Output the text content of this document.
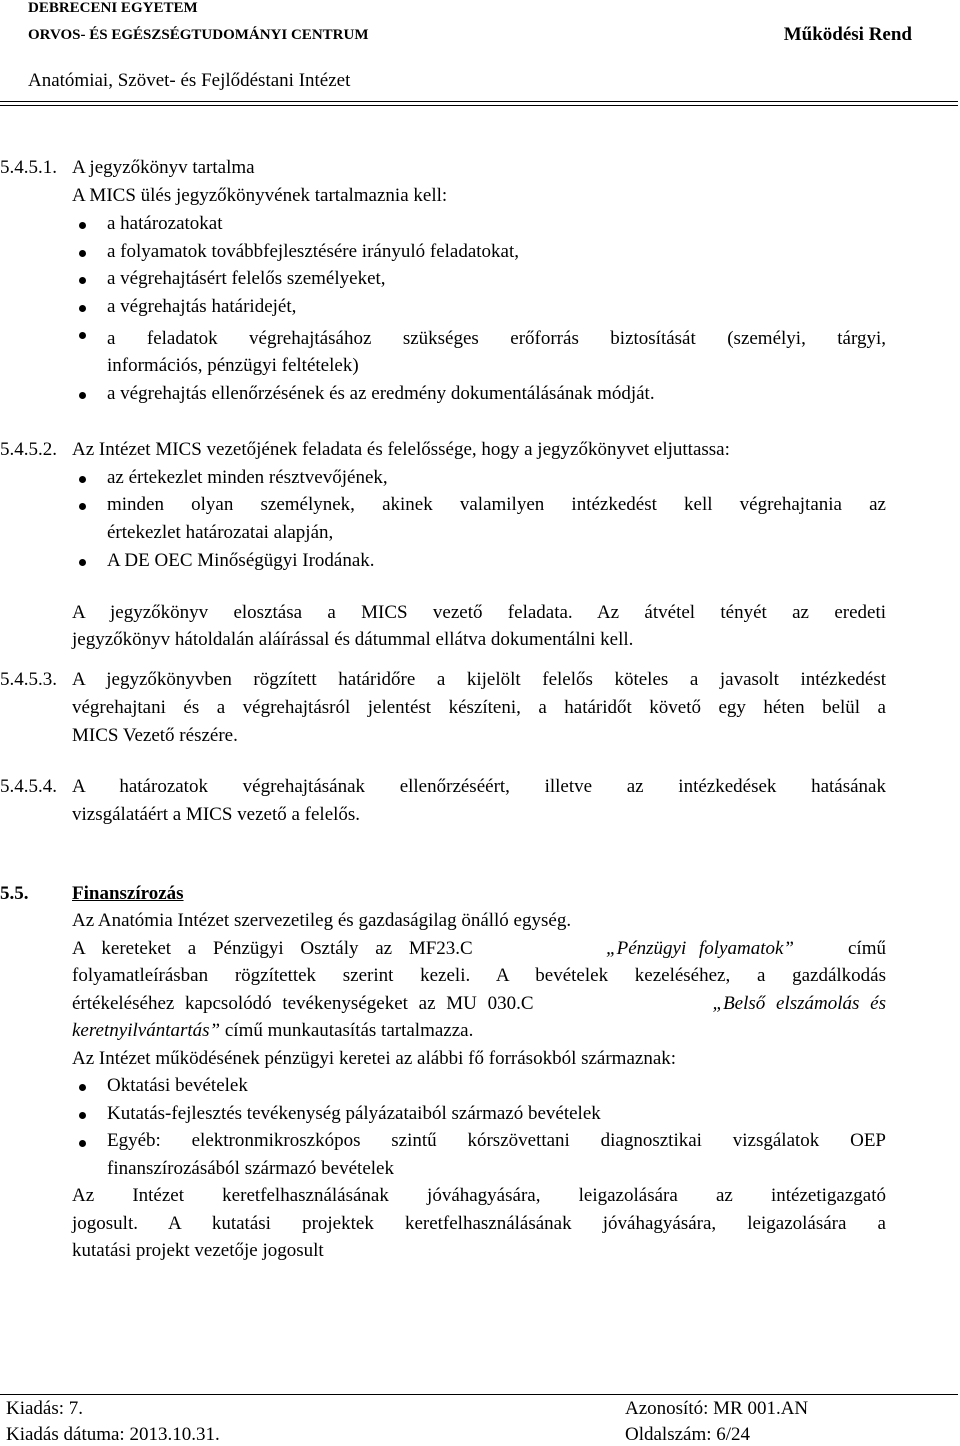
DEBRECENI EGYETEM
ORVOS- ÉS EGÉSZSÉGTUDOMÁNYI CENTRUM	Működési Rend
Anatómiai, Szövet- és Fejlődéstani Intézet
5.4.5.1. A jegyzőkönyv tartalma
A MICS ülés jegyzőkönyvének tartalmaznia kell:
a határozatokat
a folyamatok továbbfejlesztésére irányuló feladatokat,
a végrehajtásért felelős személyeket,
a végrehajtás határidejét,
a feladatok végrehajtásához szükséges erőforrás biztosítását (személyi, tárgyi,
információs, pénzügyi feltételek)
a végrehajtás ellenőrzésének és az eredmény dokumentálásának módját.
5.4.5.2. Az Intézet MICS vezetőjének feladata és felelőssége, hogy a jegyzőkönyvet eljuttassa:
az értekezlet minden résztvevőjének,
minden olyan személynek, akinek valamilyen intézkedést kell végrehajtania az
értekezlet határozatai alapján,
A DE OEC Minőségügyi Irodának.
A jegyzőkönyv elosztása a MICS vezető feladata. Az átvétel tényét az eredeti
jegyzőkönyv hátoldalán aláírással és dátummal ellátva dokumentálni kell.
5.4.5.3. A jegyzőkönyvben rögzített határidőre a kijelölt felelős köteles a javasolt intézkedést
végrehajtani és a végrehajtásról jelentést készíteni, a határidőt követő egy héten belül a
MICS Vezető részére.
5.4.5.4. A határozatok végrehajtásának ellenőrzéséért, illetve az intézkedések hatásának
vizsgálatáért a MICS vezető a felelős.
5.5. Finanszírozás
Az Anatómia Intézet szervezetileg és gazdaságilag önálló egység.
A kereteket a Pénzügyi Osztály az MF23.C	„Pénzügyi folyamatok”	című
folyamatleírásban rögzítettek szerint kezeli. A bevételek kezeléséhez, a gazdálkodás
értékeléséhez kapcsolódó tevékenységeket az MU 030.C	„Belső elszámolás és
keretnyilvántartás” című munkautasítás tartalmazza.
Az Intézet működésének pénzügyi keretei az alábbi fő forrásokból származnak:
Oktatási bevételek
Kutatás-fejlesztés tevékenység pályázataiból származó bevételek
Egyéb: elektronmikroszkópos szintű kórszövettani diagnosztikai vizsgálatok OEP
finanszírozásából származó bevételek
Az Intézet keretfelhasználásának jóváhagyására, leigazolására az intézetigazgató
jogosult. A kutatási projektek keretfelhasználásának jóváhagyására, leigazolására a
kutatási projekt vezetője jogosult
Kiadás: 7.
Kiadás dátuma: 2013.10.31.
Azonosító: MR 001.AN
Oldalszám: 6/24
